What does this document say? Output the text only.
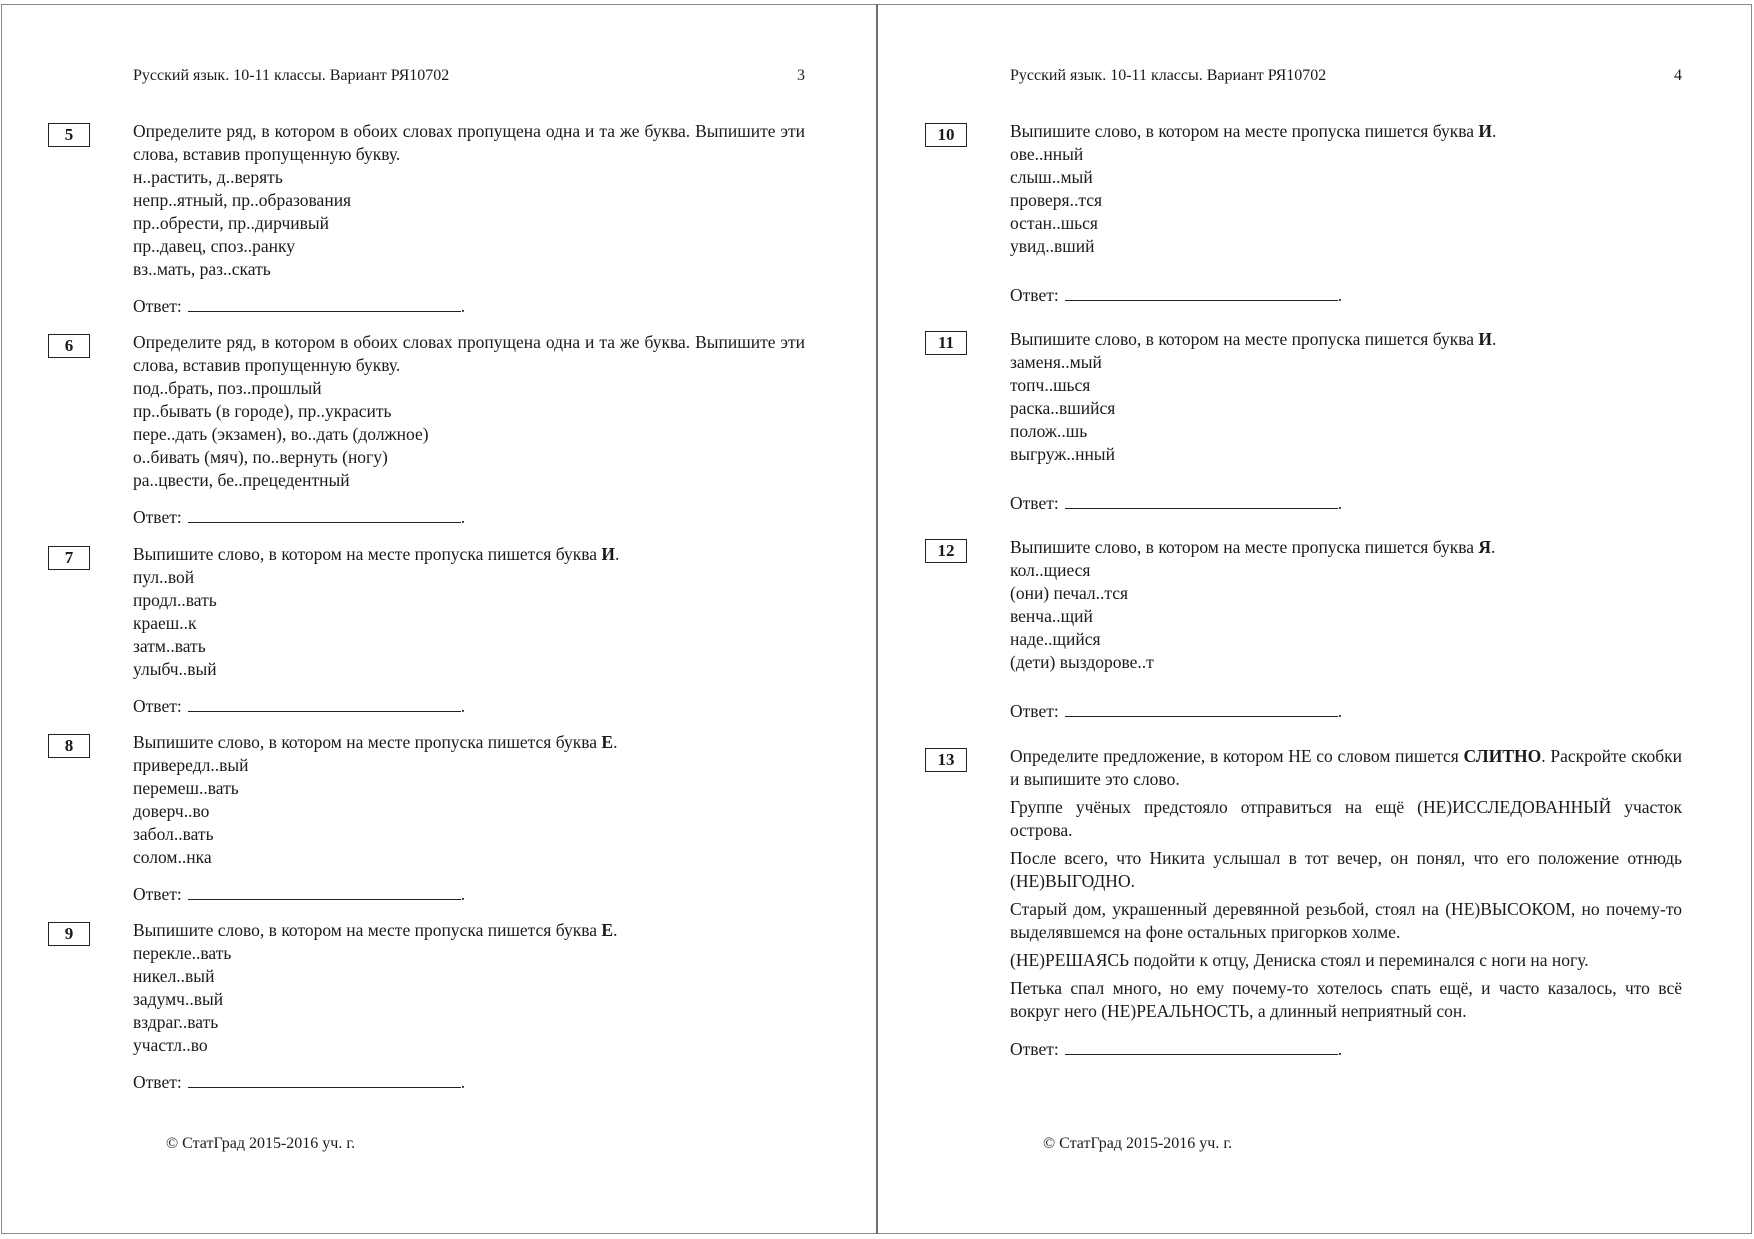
Русский язык. 10-11 классы. Вариант РЯ10702	3
5	Определите ряд, в котором в обоих словах пропущена одна и та же буква. Выпишите эти слова, вставив пропущенную букву.
н..растить, д..верять
непр..ятный, пр..образования
пр..обрести, пр..дирчивый
пр..давец, споз..ранку
вз..мать, раз..скать
Ответ:	.
6	Определите ряд, в котором в обоих словах пропущена одна и та же буква. Выпишите эти слова, вставив пропущенную букву.
под..брать, поз..прошлый
пр..бывать (в городе), пр..украсить
пере..дать (экзамен), во..дать (должное)
о..бивать (мяч), по..вернуть (ногу)
ра..цвести, бе..прецедентный
Ответ:	.
7	Выпишите слово, в котором на месте пропуска пишется буква И.
пул..вой
продл..вать
краеш..к
затм..вать
улыбч..вый
Ответ:	.
8	Выпишите слово, в котором на месте пропуска пишется буква Е.
привередл..вый
перемеш..вать
доверч..во
забол..вать
солом..нка
Ответ:	.
9	Выпишите слово, в котором на месте пропуска пишется буква Е.
перекле..вать
никел..вый
задумч..вый
вздраг..вать
участл..во
Ответ:	.
© СтатГрад 2015-2016 уч. г.
Русский язык. 10-11 классы. Вариант РЯ10702	4
10	Выпишите слово, в котором на месте пропуска пишется буква И.
ове..нный
слыш..мый
проверя..тся
остан..шься
увид..вший
Ответ:	.
11	Выпишите слово, в котором на месте пропуска пишется буква И.
заменя..мый
топч..шься
раска..вшийся
полож..шь
выгруж..нный
Ответ:	.
12	Выпишите слово, в котором на месте пропуска пишется буква Я.
кол..щиеся
(они) печал..тся
венча..щий
наде..щийся
(дети) выздорове..т
Ответ:	.
13	Определите предложение, в котором НЕ со словом пишется СЛИТНО. Раскройте скобки и выпишите это слово.
Группе учёных предстояло отправиться на ещё (НЕ)ИССЛЕДОВАННЫЙ участок острова.
После всего, что Никита услышал в тот вечер, он понял, что его положение отнюдь (НЕ)ВЫГОДНО.
Старый дом, украшенный деревянной резьбой, стоял на (НЕ)ВЫСОКОМ, но почему-то выделявшемся на фоне остальных пригорков холме.
(НЕ)РЕШАЯСЬ подойти к отцу, Дениска стоял и переминался с ноги на ногу.
Петька спал много, но ему почему-то хотелось спать ещё, и часто казалось, что всё вокруг него (НЕ)РЕАЛЬНОСТЬ, а длинный неприятный сон.
Ответ:	.
© СтатГрад 2015-2016 уч. г.
